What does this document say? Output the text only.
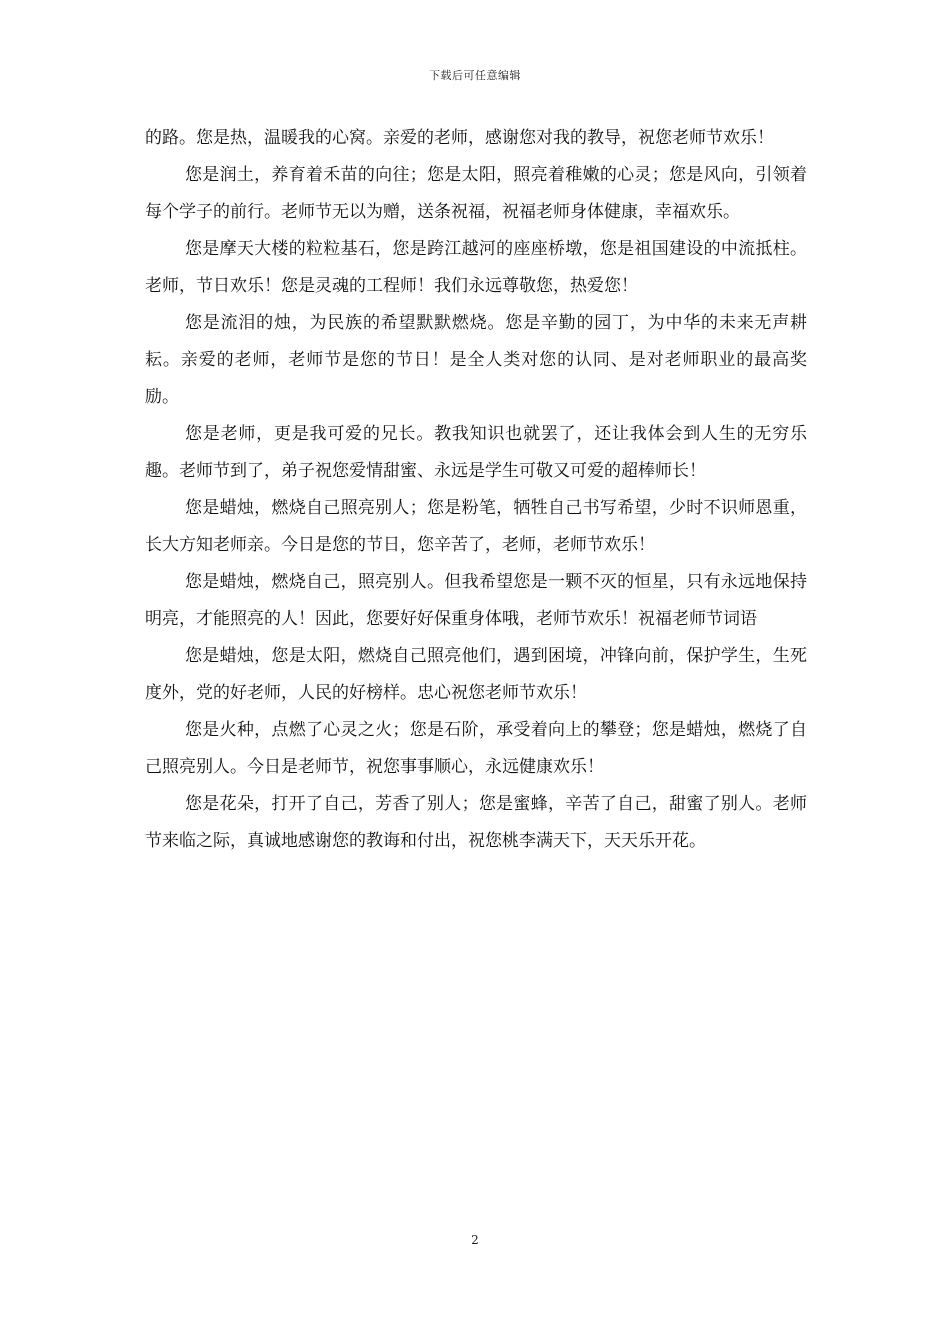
下载后可任意编辑

的路。您是热，温暖我的心窝。亲爱的老师，感谢您对我的教导，祝您老师节欢乐！

您是润土，养育着禾苗的向往；您是太阳，照亮着稚嫩的心灵；您是风向，引领着每个学子的前行。老师节无以为赠，送条祝福，祝福老师身体健康，幸福欢乐。

您是摩天大楼的粒粒基石，您是跨江越河的座座桥墩，您是祖国建设的中流抵柱。老师，节日欢乐！您是灵魂的工程师！我们永远尊敬您，热爱您！

您是流泪的烛，为民族的希望默默燃烧。您是辛勤的园丁，为中华的未来无声耕耘。亲爱的老师，老师节是您的节日！是全人类对您的认同、是对老师职业的最高奖励。

您是老师，更是我可爱的兄长。教我知识也就罢了，还让我体会到人生的无穷乐趣。老师节到了，弟子祝您爱情甜蜜、永远是学生可敬又可爱的超棒师长！

您是蜡烛，燃烧自己照亮别人；您是粉笔，牺牲自己书写希望，少时不识师恩重，长大方知老师亲。今日是您的节日，您辛苦了，老师，老师节欢乐！

您是蜡烛，燃烧自己，照亮别人。但我希望您是一颗不灭的恒星，只有永远地保持明亮，才能照亮的人！因此，您要好好保重身体哦，老师节欢乐！祝福老师节词语

您是蜡烛，您是太阳，燃烧自己照亮他们，遇到困境，冲锋向前，保护学生，生死度外，党的好老师，人民的好榜样。忠心祝您老师节欢乐！

您是火种，点燃了心灵之火；您是石阶，承受着向上的攀登；您是蜡烛，燃烧了自己照亮别人。今日是老师节，祝您事事顺心，永远健康欢乐！

您是花朵，打开了自己，芳香了别人；您是蜜蜂，辛苦了自己，甜蜜了别人。老师节来临之际，真诚地感谢您的教诲和付出，祝您桃李满天下，天天乐开花。

2
